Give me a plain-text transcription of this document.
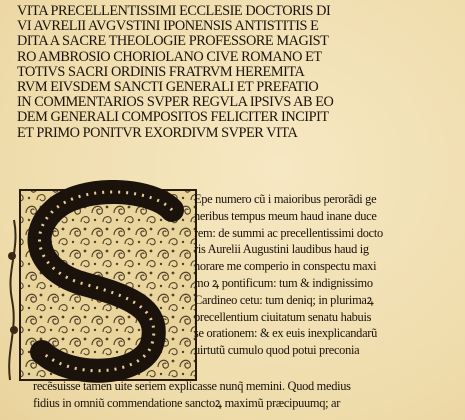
VITA PRECELLENTISSIMI ECCLESIE DOCTORIS DI
VI AVRELII AVGVSTINI IPONENSIS ANTISTITIS E
DITA A SACRE THEOLOGIE PROFESSORE MAGIST
RO AMBROSIO CHORIOLANO CIVE ROMANO ET
TOTIVS SACRI ORDINIS FRATRVM HEREMITA
RVM EIVSDEM SANCTI GENERALI ET PREFATIO
IN COMMENTARIOS SVPER REGVLA IPSIVS AB EO
DEM GENERALI COMPOSITOS FELICITER INCIPIT
ET PRIMO PONITVR EXORDIVM SVPER VITA
Epe numero cũ i maioribus perorãdi ge
neribus tempus meum haud inane duce
rem: de summi ac precellentissimi docto
ris Aurelii Augustini laudibus haud ig
norare me comperio in conspectu maxi
mo ꝝ pontificum: tum & indignissimo
Cardineo cetu: tum deniq; in plurimaꝝ
precellentium ciuitatum senatu habuis
se orationem: & ex euis inexplicandarũ
uirtutũ cumulo quod potui preconia
recẽsuisse tamen uite seriem explicasse nunq̃ memini. Quod medius
fidius in omniũ commendatione sanctoꝝ maximũ præcipuumq; ar
